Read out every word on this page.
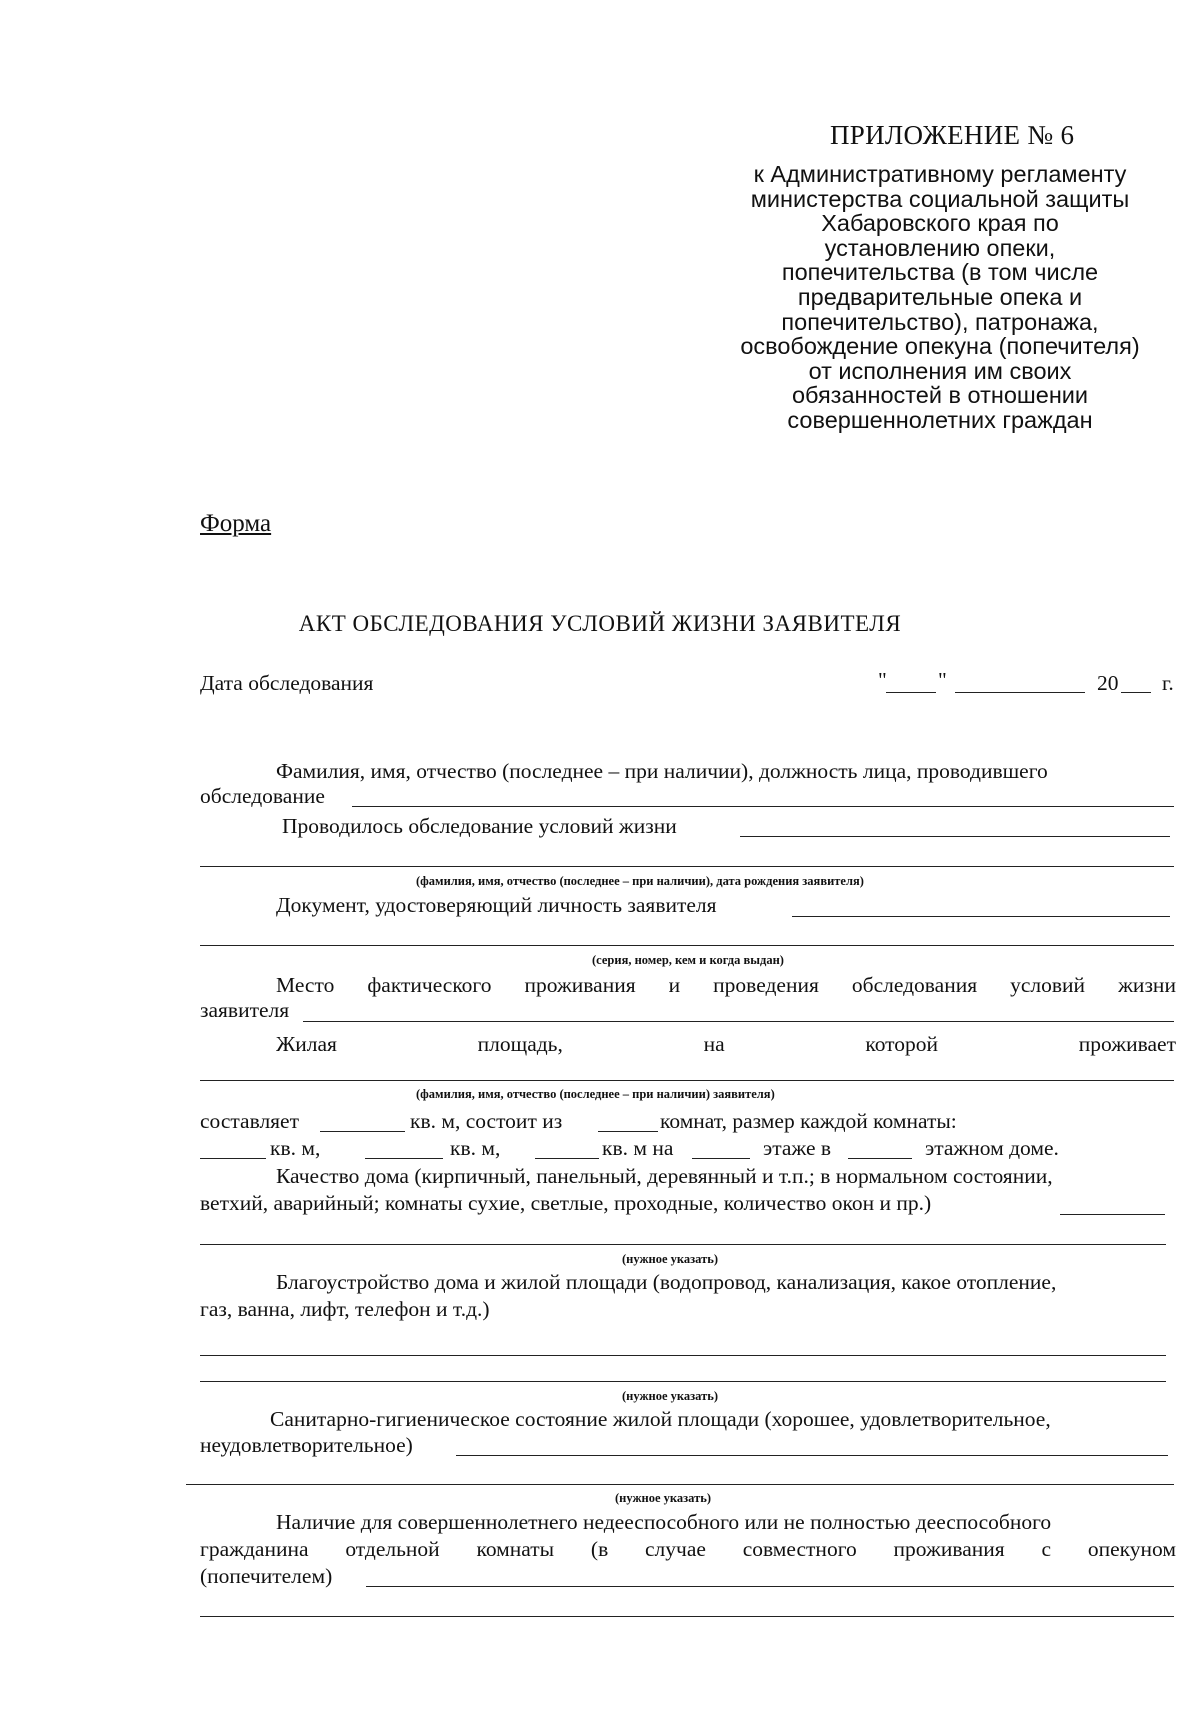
ПРИЛОЖЕНИЕ № 6
к Административному регламенту
министерства социальной защиты
Хабаровского края по
установлению опеки,
попечительства (в том числе
предварительные опека и
попечительство), патронажа,
освобождение опекуна (попечителя)
от исполнения им своих
обязанностей в отношении
совершеннолетних граждан
Форма
АКТ ОБСЛЕДОВАНИЯ УСЛОВИЙ ЖИЗНИ ЗАЯВИТЕЛЯ
Дата обследования	" "	20 г.
Фамилия, имя, отчество (последнее – при наличии), должность лица, проводившего
обследование
Проводилось обследование условий жизни
(фамилия, имя, отчество (последнее – при наличии), дата рождения заявителя)
Документ, удостоверяющий личность заявителя
(серия, номер, кем и когда выдан)
Место фактического проживания и проведения обследования условий жизни
заявителя
Жилая	площадь,	на	которой	проживает
(фамилия, имя, отчество (последнее – при наличии) заявителя)
составляет	кв. м, состоит из	комнат, размер каждой комнаты:
кв. м,	кв. м,	кв. м на	этаже в	этажном доме.
Качество дома (кирпичный, панельный, деревянный и т.п.; в нормальном состоянии,
ветхий, аварийный; комнаты сухие, светлые, проходные, количество окон и пр.)
(нужное указать)
Благоустройство дома и жилой площади (водопровод, канализация, какое отопление,
газ, ванна, лифт, телефон и т.д.)
(нужное указать)
Санитарно-гигиеническое состояние жилой площади (хорошее, удовлетворительное,
неудовлетворительное)
(нужное указать)
Наличие для совершеннолетнего недееспособного или не полностью дееспособного
гражданина отдельной комнаты (в случае совместного проживания с опекуном
(попечителем)
